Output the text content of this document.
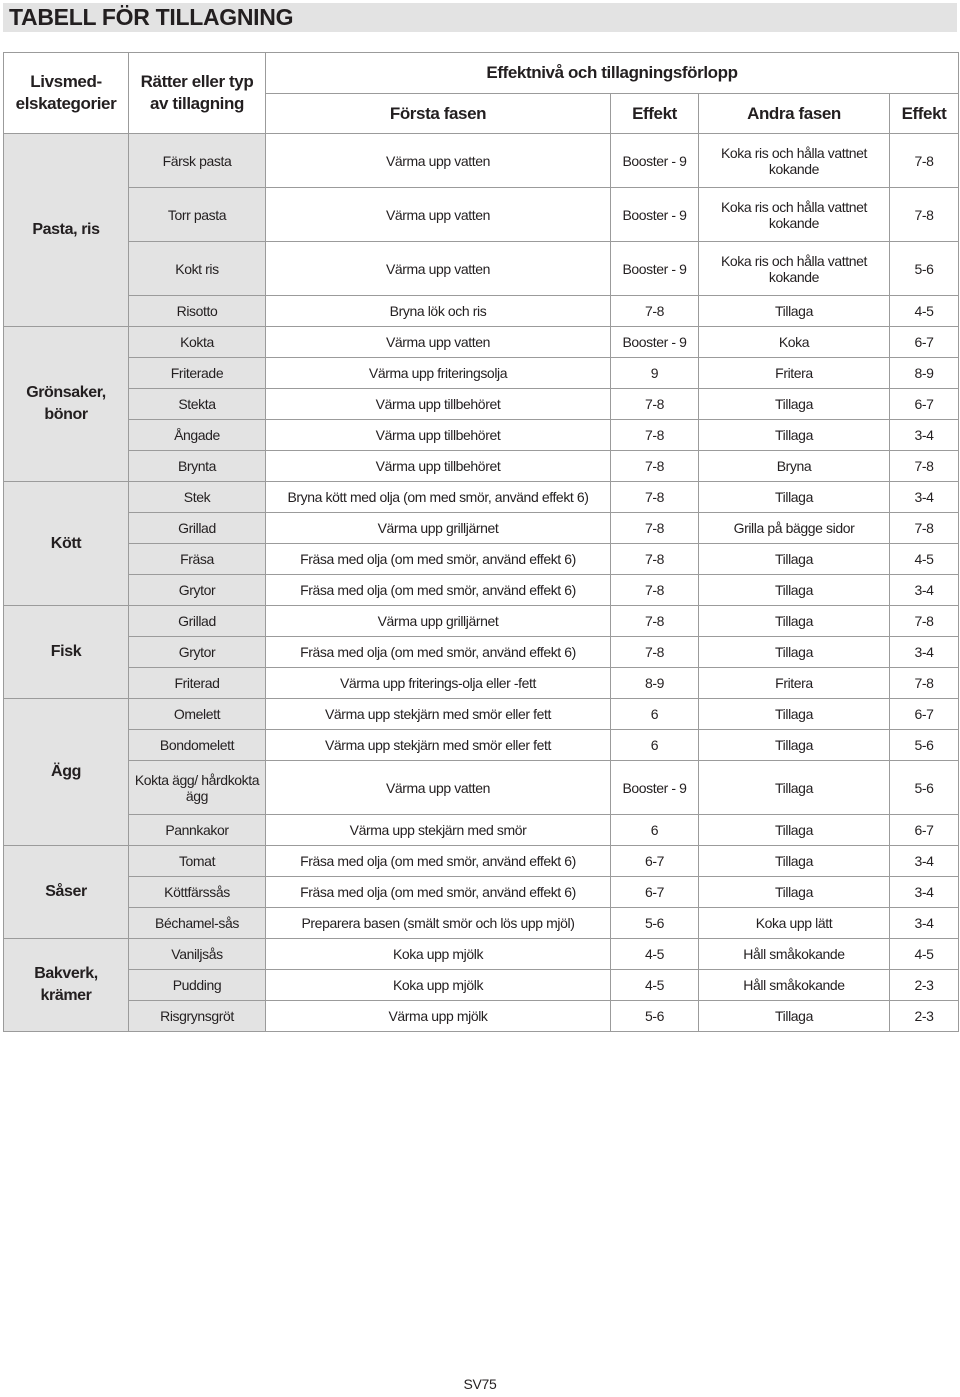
TABELL FÖR TILLAGNING
Livsmed-elskategorier	Rätter eller typ av tillagning	Effektnivå och tillagningsförlopp			
		Första fasen	Effekt	Andra fasen	Effekt
Pasta, ris	Färsk pasta	Värma upp vatten	Booster - 9	Koka ris och hålla vattnet kokande	7-8
	Torr pasta	Värma upp vatten	Booster - 9	Koka ris och hålla vattnet kokande	7-8
	Kokt ris	Värma upp vatten	Booster - 9	Koka ris och hålla vattnet kokande	5-6
	Risotto	Bryna lök och ris	7-8	Tillaga	4-5
Grönsaker, bönor	Kokta	Värma upp vatten	Booster - 9	Koka	6-7
	Friterade	Värma upp friteringsolja	9	Fritera	8-9
	Stekta	Värma upp tillbehöret	7-8	Tillaga	6-7
	Ångade	Värma upp tillbehöret	7-8	Tillaga	3-4
	Brynta	Värma upp tillbehöret	7-8	Bryna	7-8
Kött	Stek	Bryna kött med olja (om med smör, använd effekt 6)	7-8	Tillaga	3-4
	Grillad	Värma upp grilljärnet	7-8	Grilla på bägge sidor	7-8
	Fräsa	Fräsa med olja (om med smör, använd effekt 6)	7-8	Tillaga	4-5
	Grytor	Fräsa med olja (om med smör, använd effekt 6)	7-8	Tillaga	3-4
Fisk	Grillad	Värma upp grilljärnet	7-8	Tillaga	7-8
	Grytor	Fräsa med olja (om med smör, använd effekt 6)	7-8	Tillaga	3-4
	Friterad	Värma upp friterings-olja eller -fett	8-9	Fritera	7-8
Ägg	Omelett	Värma upp stekjärn med smör eller fett	6	Tillaga	6-7
	Bondomelett	Värma upp stekjärn med smör eller fett	6	Tillaga	5-6
	Kokta ägg/ hårdkokta ägg	Värma upp vatten	Booster - 9	Tillaga	5-6
	Pannkakor	Värma upp stekjärn med smör	6	Tillaga	6-7
Såser	Tomat	Fräsa med olja (om med smör, använd effekt 6)	6-7	Tillaga	3-4
	Köttfärssås	Fräsa med olja (om med smör, använd effekt 6)	6-7	Tillaga	3-4
	Béchamel-sås	Preparera basen (smält smör och lös upp mjöl)	5-6	Koka upp lätt	3-4
Bakverk, krämer	Vaniljsås	Koka upp mjölk	4-5	Håll småkokande	4-5
	Pudding	Koka upp mjölk	4-5	Håll småkokande	2-3
	Risgrynsgröt	Värma upp mjölk	5-6	Tillaga	2-3
SV75
